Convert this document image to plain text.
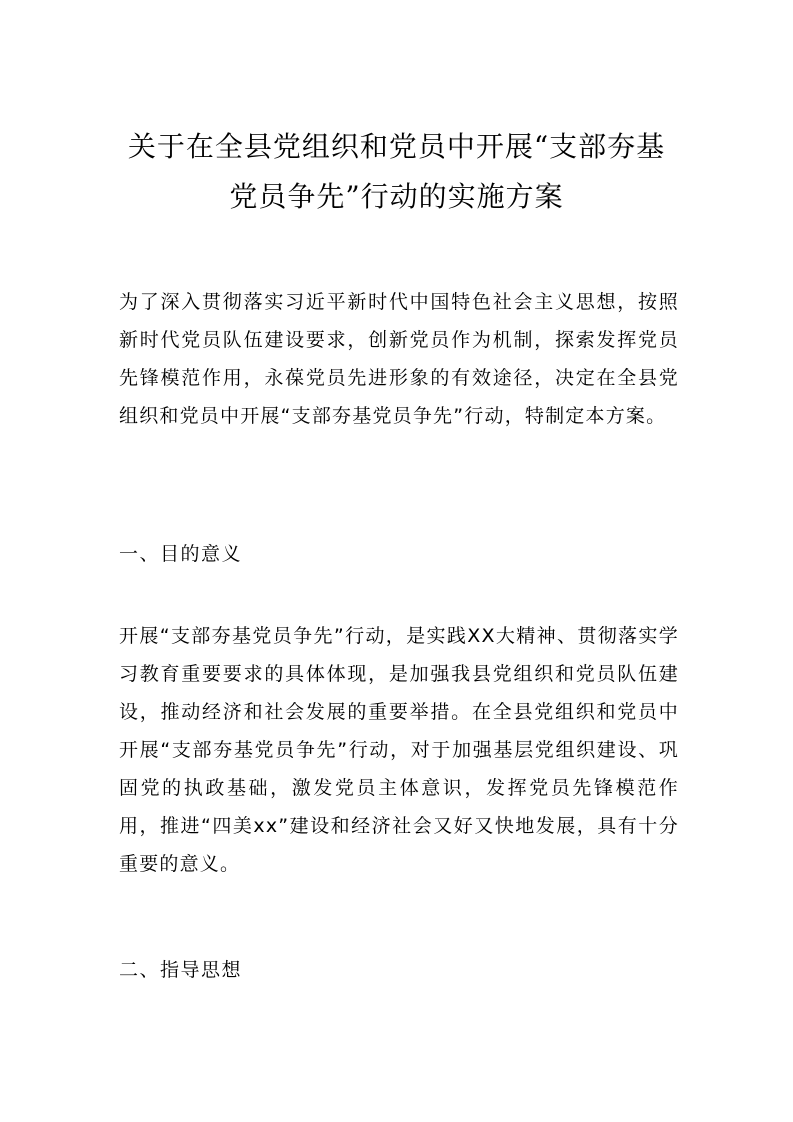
关于在全县党组织和党员中开展“支部夯基
党员争先”行动的实施方案
为了深入贯彻落实习近平新时代中国特色社会主义思想，按照新时代党员队伍建设要求，创新党员作为机制，探索发挥党员先锋模范作用，永葆党员先进形象的有效途径，决定在全县党组织和党员中开展“支部夯基党员争先”行动，特制定本方案。
一、目的意义
开展“支部夯基党员争先”行动，是实践XX大精神、贯彻落实学习教育重要要求的具体体现，是加强我县党组织和党员队伍建设，推动经济和社会发展的重要举措。在全县党组织和党员中开展“支部夯基党员争先”行动，对于加强基层党组织建设、巩固党的执政基础，激发党员主体意识，发挥党员先锋模范作用，推进“四美xx”建设和经济社会又好又快地发展，具有十分重要的意义。
二、指导思想
